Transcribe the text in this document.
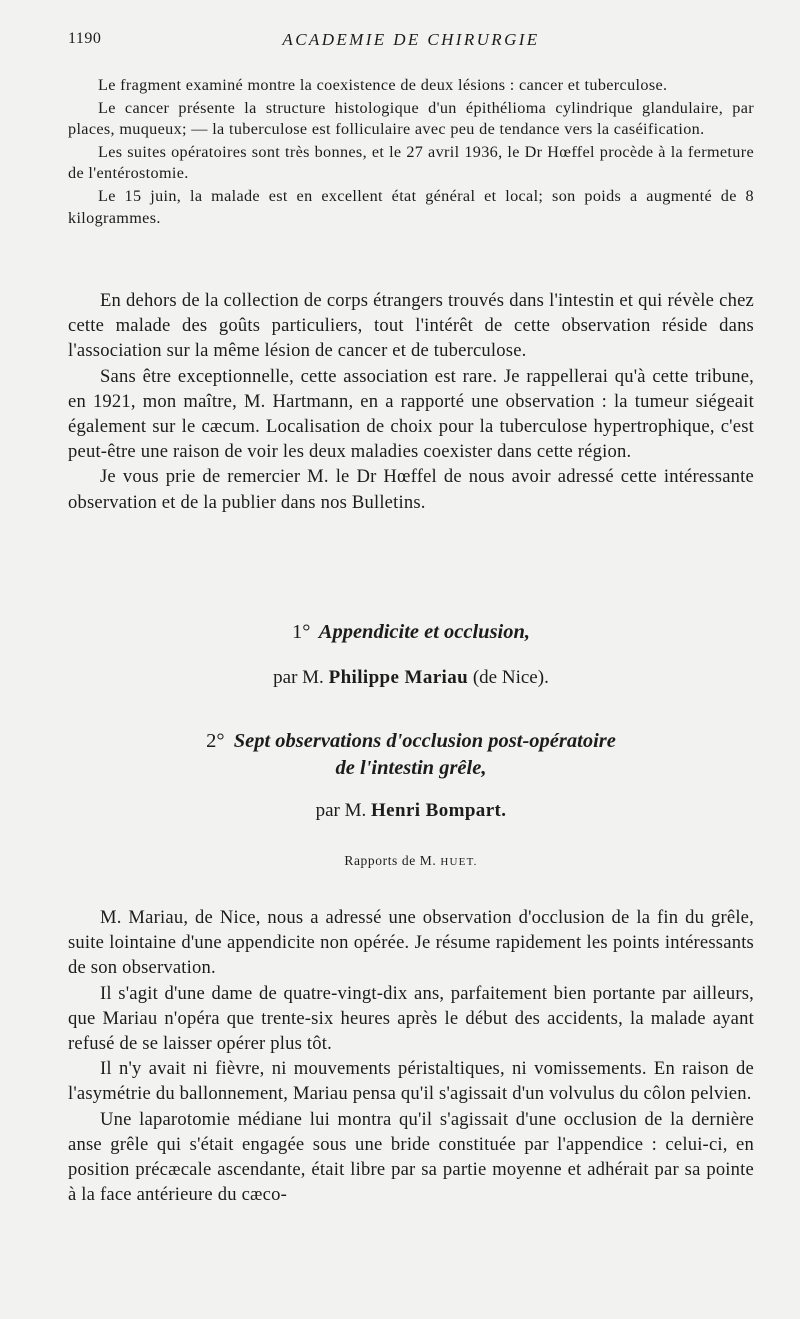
1190	ACADEMIE DE CHIRURGIE

Le fragment examiné montre la coexistence de deux lésions : cancer et tuberculose.

Le cancer présente la structure histologique d'un épithélioma cylindrique glandulaire, par places, muqueux; — la tuberculose est folliculaire avec peu de tendance vers la caséification.

Les suites opératoires sont très bonnes, et le 27 avril 1936, le Dr Hœffel procède à la fermeture de l'entérostomie.

Le 15 juin, la malade est en excellent état général et local; son poids a augmenté de 8 kilogrammes.

En dehors de la collection de corps étrangers trouvés dans l'intestin et qui révèle chez cette malade des goûts particuliers, tout l'intérêt de cette observation réside dans l'association sur la même lésion de cancer et de tuberculose.

Sans être exceptionnelle, cette association est rare. Je rappellerai qu'à cette tribune, en 1921, mon maître, M. Hartmann, en a rapporté une observation : la tumeur siégeait également sur le cæcum. Localisation de choix pour la tuberculose hypertrophique, c'est peut-être une raison de voir les deux maladies coexister dans cette région.

Je vous prie de remercier M. le Dr Hœffel de nous avoir adressé cette intéressante observation et de la publier dans nos Bulletins.

1° Appendicite et occlusion,
par M. Philippe Mariau (de Nice).
2° Sept observations d'occlusion post-opératoire
de l'intestin grêle,
par M. Henri Bompart.
Rapports de M. HUET.

M. Mariau, de Nice, nous a adressé une observation d'occlusion de la fin du grêle, suite lointaine d'une appendicite non opérée. Je résume rapidement les points intéressants de son observation.

Il s'agit d'une dame de quatre-vingt-dix ans, parfaitement bien portante par ailleurs, que Mariau n'opéra que trente-six heures après le début des accidents, la malade ayant refusé de se laisser opérer plus tôt.

Il n'y avait ni fièvre, ni mouvements péristaltiques, ni vomissements. En raison de l'asymétrie du ballonnement, Mariau pensa qu'il s'agissait d'un volvulus du côlon pelvien.

Une laparotomie médiane lui montra qu'il s'agissait d'une occlusion de la dernière anse grêle qui s'était engagée sous une bride constituée par l'appendice : celui-ci, en position précæcale ascendante, était libre par sa partie moyenne et adhérait par sa pointe à la face antérieure du cæco-
